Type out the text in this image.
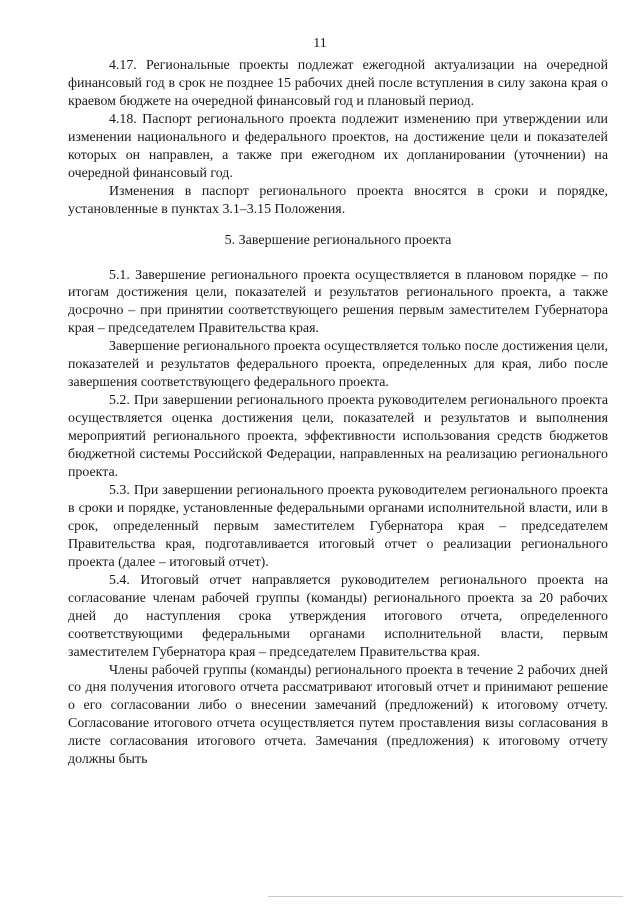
11

4.17. Региональные проекты подлежат ежегодной актуализации на очередной финансовый год в срок не позднее 15 рабочих дней после вступления в силу закона края о краевом бюджете на очередной финансовый год и плановый период.

4.18. Паспорт регионального проекта подлежит изменению при утверждении или изменении национального и федерального проектов, на достижение цели и показателей которых он направлен, а также при ежегодном их допланировании (уточнении) на очередной финансовый год.

Изменения в паспорт регионального проекта вносятся в сроки и порядке, установленные в пунктах 3.1–3.15 Положения.

5. Завершение регионального проекта

5.1. Завершение регионального проекта осуществляется в плановом порядке – по итогам достижения цели, показателей и результатов регионального проекта, а также досрочно – при принятии соответствующего решения первым заместителем Губернатора края – председателем Правительства края.

Завершение регионального проекта осуществляется только после достижения цели, показателей и результатов федерального проекта, определенных для края, либо после завершения соответствующего федерального проекта.

5.2. При завершении регионального проекта руководителем регионального проекта осуществляется оценка достижения цели, показателей и результатов и выполнения мероприятий регионального проекта, эффективности использования средств бюджетов бюджетной системы Российской Федерации, направленных на реализацию регионального проекта.

5.3. При завершении регионального проекта руководителем регионального проекта в сроки и порядке, установленные федеральными органами исполнительной власти, или в срок, определенный первым заместителем Губернатора края – председателем Правительства края, подготавливается итоговый отчет о реализации регионального проекта (далее – итоговый отчет).

5.4. Итоговый отчет направляется руководителем регионального проекта на согласование членам рабочей группы (команды) регионального проекта за 20 рабочих дней до наступления срока утверждения итогового отчета, определенного соответствующими федеральными органами исполнительной власти, первым заместителем Губернатора края – председателем Правительства края.

Члены рабочей группы (команды) регионального проекта в течение 2 рабочих дней со дня получения итогового отчета рассматривают итоговый отчет и принимают решение о его согласовании либо о внесении замечаний (предложений) к итоговому отчету. Согласование итогового отчета осуществляется путем проставления визы согласования в листе согласования итогового отчета. Замечания (предложения) к итоговому отчету должны быть
